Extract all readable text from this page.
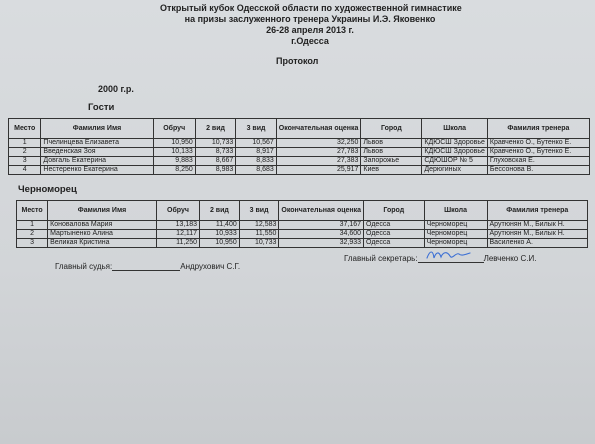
Открытый кубок Одесской области по художественной гимнастике
на призы заслуженного тренера Украины И.Э. Яковенко
26-28 апреля 2013 г.
г.Одесса
Протокол
2000 г.р.
Гости
Место	Фамилия Имя	Обруч	2 вид	3 вид	Окончательная оценка	Город	Школа	Фамилия тренера
1	Пчелинцева Елизавета	10,950	10,733	10,567	32,250	Львов	КДЮСШ Здоровье	Кравченко О., Бутенко Е.
2	Введенская Зоя	10,133	8,733	8,917	27,783	Львов	КДЮСШ Здоровье	Кравченко О., Бутенко Е.
3	Довгаль Екатерина	9,883	8,667	8,833	27,383	Запорожье	СДЮШОР № 5	Глуховская Е.
4	Нестеренко Екатерина	8,250	8,983	8,683	25,917	Киев	Дерюгиных	Бессонова В.
Черноморец
Место	Фамилия Имя	Обруч	2 вид	3 вид	Окончательная оценка	Город	Школа	Фамилия тренера
1	Коновалова Мария	13,183	11,400	12,583	37,167	Одесса	Черноморец	Арутюнян М., Билык Н.
2	Мартыненко Алина	12,117	10,933	11,550	34,600	Одесса	Черноморец	Арутюнян М., Билык Н.
3	Великая Кристина	11,250	10,950	10,733	32,933	Одесса	Черноморец	Василенко А.
Главный судья:	Андрухович С.Г.
Главный секретарь:	Левченко С.И.
